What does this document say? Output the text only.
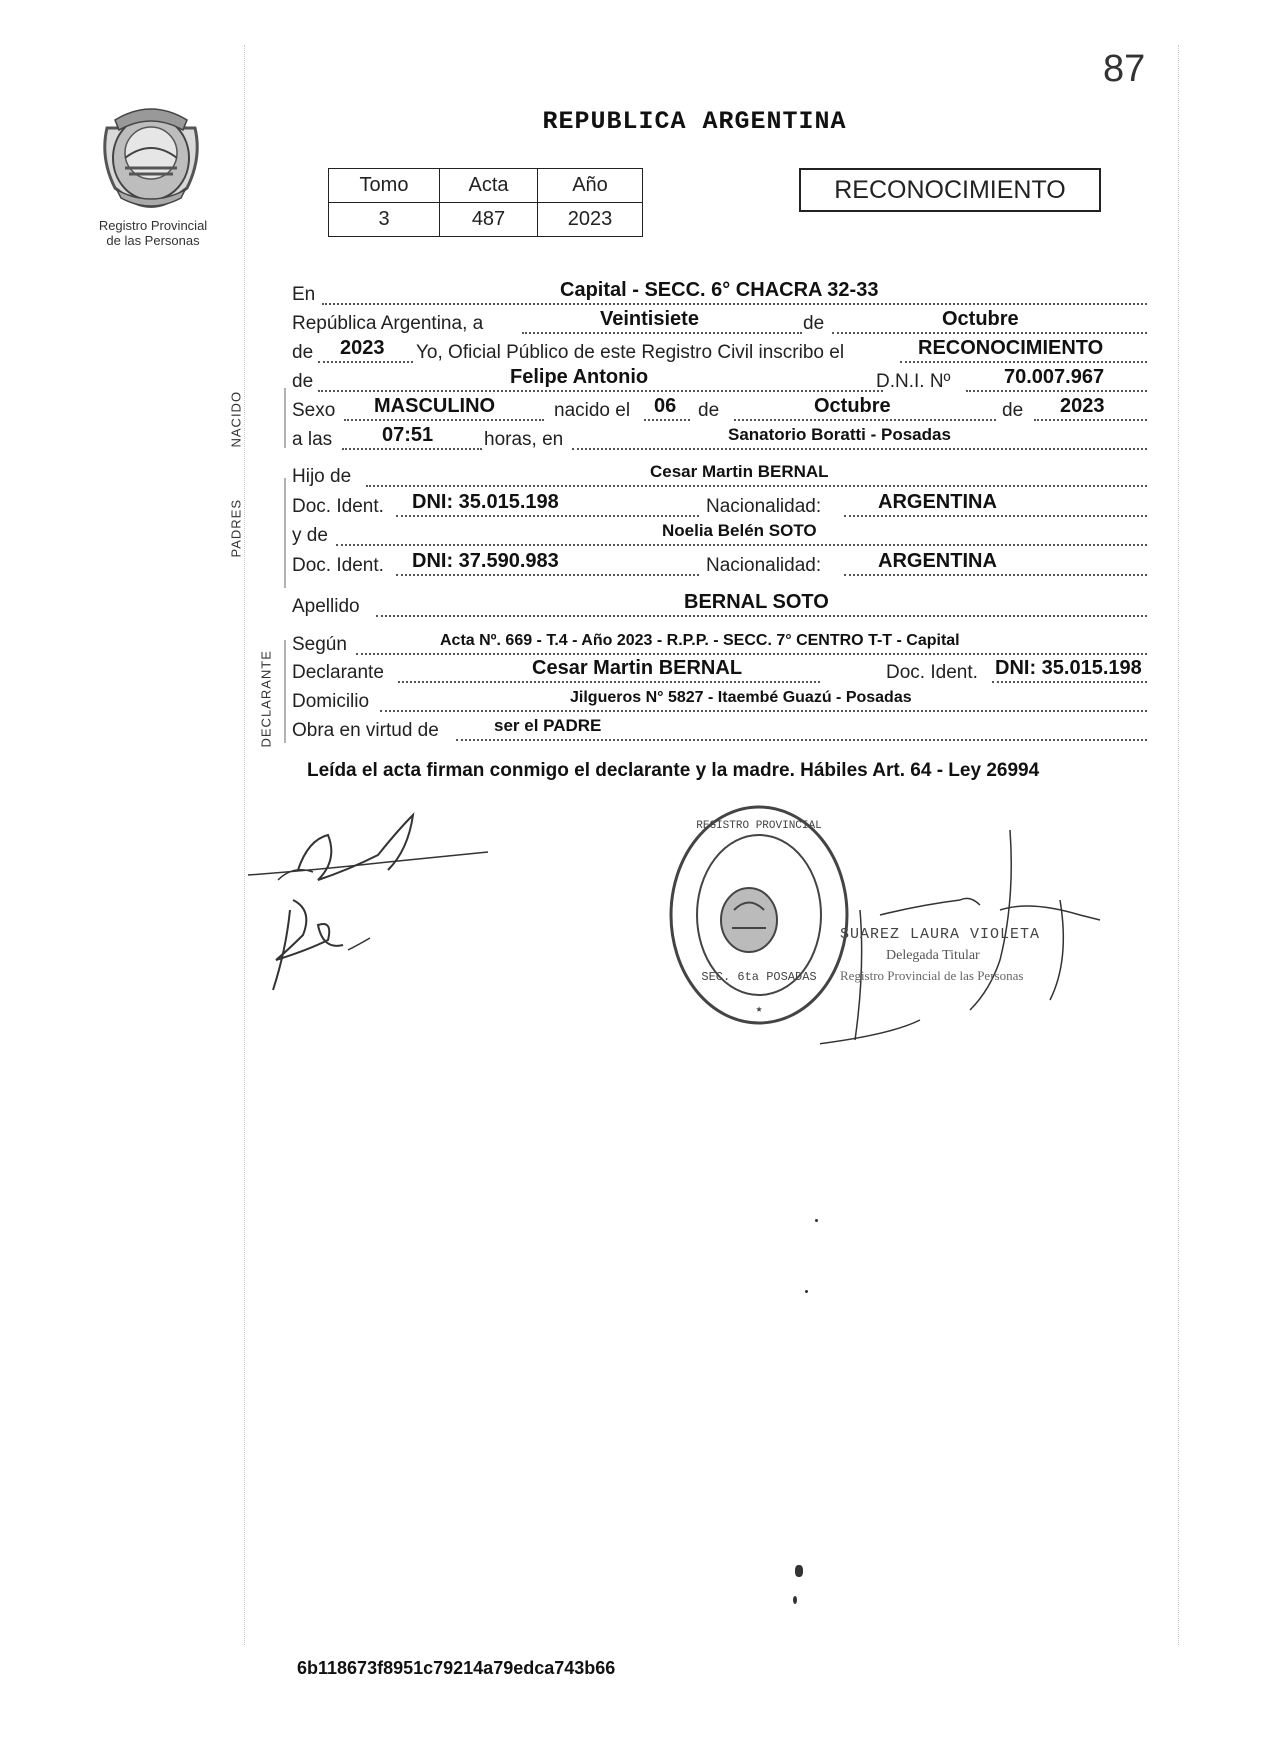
87
Registro Provincial
de las Personas
REPUBLICA ARGENTINA
Tomo	Acta	Año
3	487	2023
RECONOCIMIENTO
NACIDO
PADRES
DECLARANTE
En	Capital - SECC. 6° CHACRA 32-33
República Argentina, a	Veintisiete	de	Octubre
de 2023 Yo, Oficial Público de este Registro Civil inscribo el	RECONOCIMIENTO
de	Felipe Antonio	D.N.I. Nº	70.007.967
Sexo MASCULINO	nacido el 06 de	Octubre	de 2023
a las 07:51	horas, en	Sanatorio Boratti - Posadas
Hijo de	Cesar Martin BERNAL
Doc. Ident. DNI: 35.015.198	Nacionalidad:	ARGENTINA
y de	Noelia Belén SOTO
Doc. Ident. DNI: 37.590.983	Nacionalidad:	ARGENTINA
Apellido	BERNAL SOTO
Según	Acta Nº. 669 - T.4 - Año 2023 - R.P.P. - SECC. 7° CENTRO T-T - Capital
Declarante	Cesar Martin BERNAL	Doc. Ident. DNI: 35.015.198
Domicilio	Jilgueros N° 5827 - Itaembé Guazú - Posadas
Obra en virtud de	ser el PADRE
Leída el acta firman conmigo el declarante y la madre. Hábiles Art. 64 - Ley 26994
REGISTRO PROVINCIAL
★
SEC. 6ta POSADAS
SUAREZ LAURA VIOLETA
Delegada Titular
Registro Provincial de las Personas
6b118673f8951c79214a79edca743b66
